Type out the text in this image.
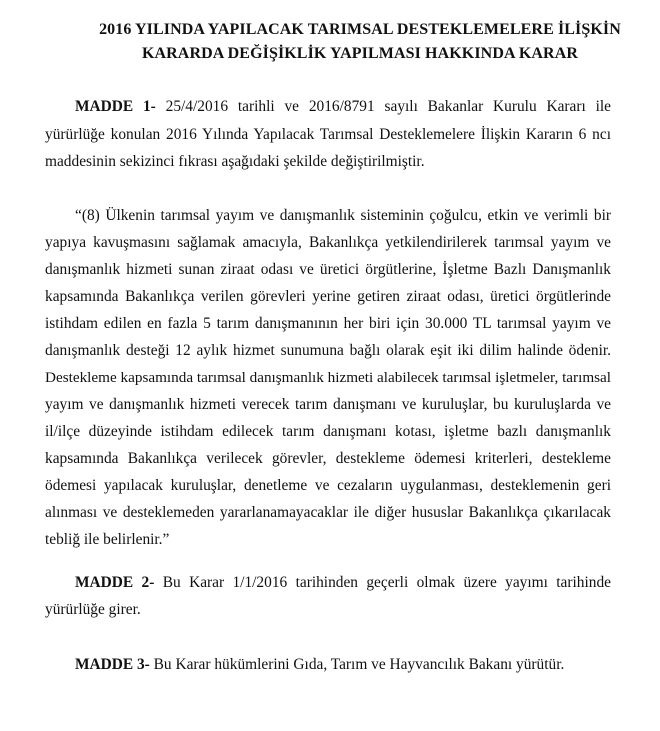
2016 YILINDA YAPILACAK TARIMSAL DESTEKLEMELERE İLİŞKİN
KARARDA DEĞİŞİKLİK YAPILMASI HAKKINDA KARAR
MADDE 1- 25/4/2016 tarihli ve 2016/8791 sayılı Bakanlar Kurulu Kararı ile
yürürlüğe konulan 2016 Yılında Yapılacak Tarımsal Desteklemelere İlişkin Kararın 6 ncı
maddesinin sekizinci fıkrası aşağıdaki şekilde değiştirilmiştir.
“(8) Ülkenin tarımsal yayım ve danışmanlık sisteminin çoğulcu, etkin ve verimli bir
yapıya kavuşmasını sağlamak amacıyla, Bakanlıkça yetkilendirilerek tarımsal yayım ve
danışmanlık hizmeti sunan ziraat odası ve üretici örgütlerine, İşletme Bazlı Danışmanlık
kapsamında Bakanlıkça verilen görevleri yerine getiren ziraat odası, üretici örgütlerinde
istihdam edilen en fazla 5 tarım danışmanının her biri için 30.000 TL tarımsal yayım ve
danışmanlık desteği 12 aylık hizmet sunumuna bağlı olarak eşit iki dilim halinde ödenir.
Destekleme kapsamında tarımsal danışmanlık hizmeti alabilecek tarımsal işletmeler, tarımsal
yayım ve danışmanlık hizmeti verecek tarım danışmanı ve kuruluşlar, bu kuruluşlarda ve
il/ilçe düzeyinde istihdam edilecek tarım danışmanı kotası, işletme bazlı danışmanlık
kapsamında Bakanlıkça verilecek görevler, destekleme ödemesi kriterleri, destekleme
ödemesi yapılacak kuruluşlar, denetleme ve cezaların uygulanması, desteklemenin geri
alınması ve desteklemeden yararlanamayacaklar ile diğer hususlar Bakanlıkça çıkarılacak
tebliğ ile belirlenir.”
MADDE 2- Bu Karar 1/1/2016 tarihinden geçerli olmak üzere yayımı tarihinde
yürürlüğe girer.
MADDE 3- Bu Karar hükümlerini Gıda, Tarım ve Hayvancılık Bakanı yürütür.
